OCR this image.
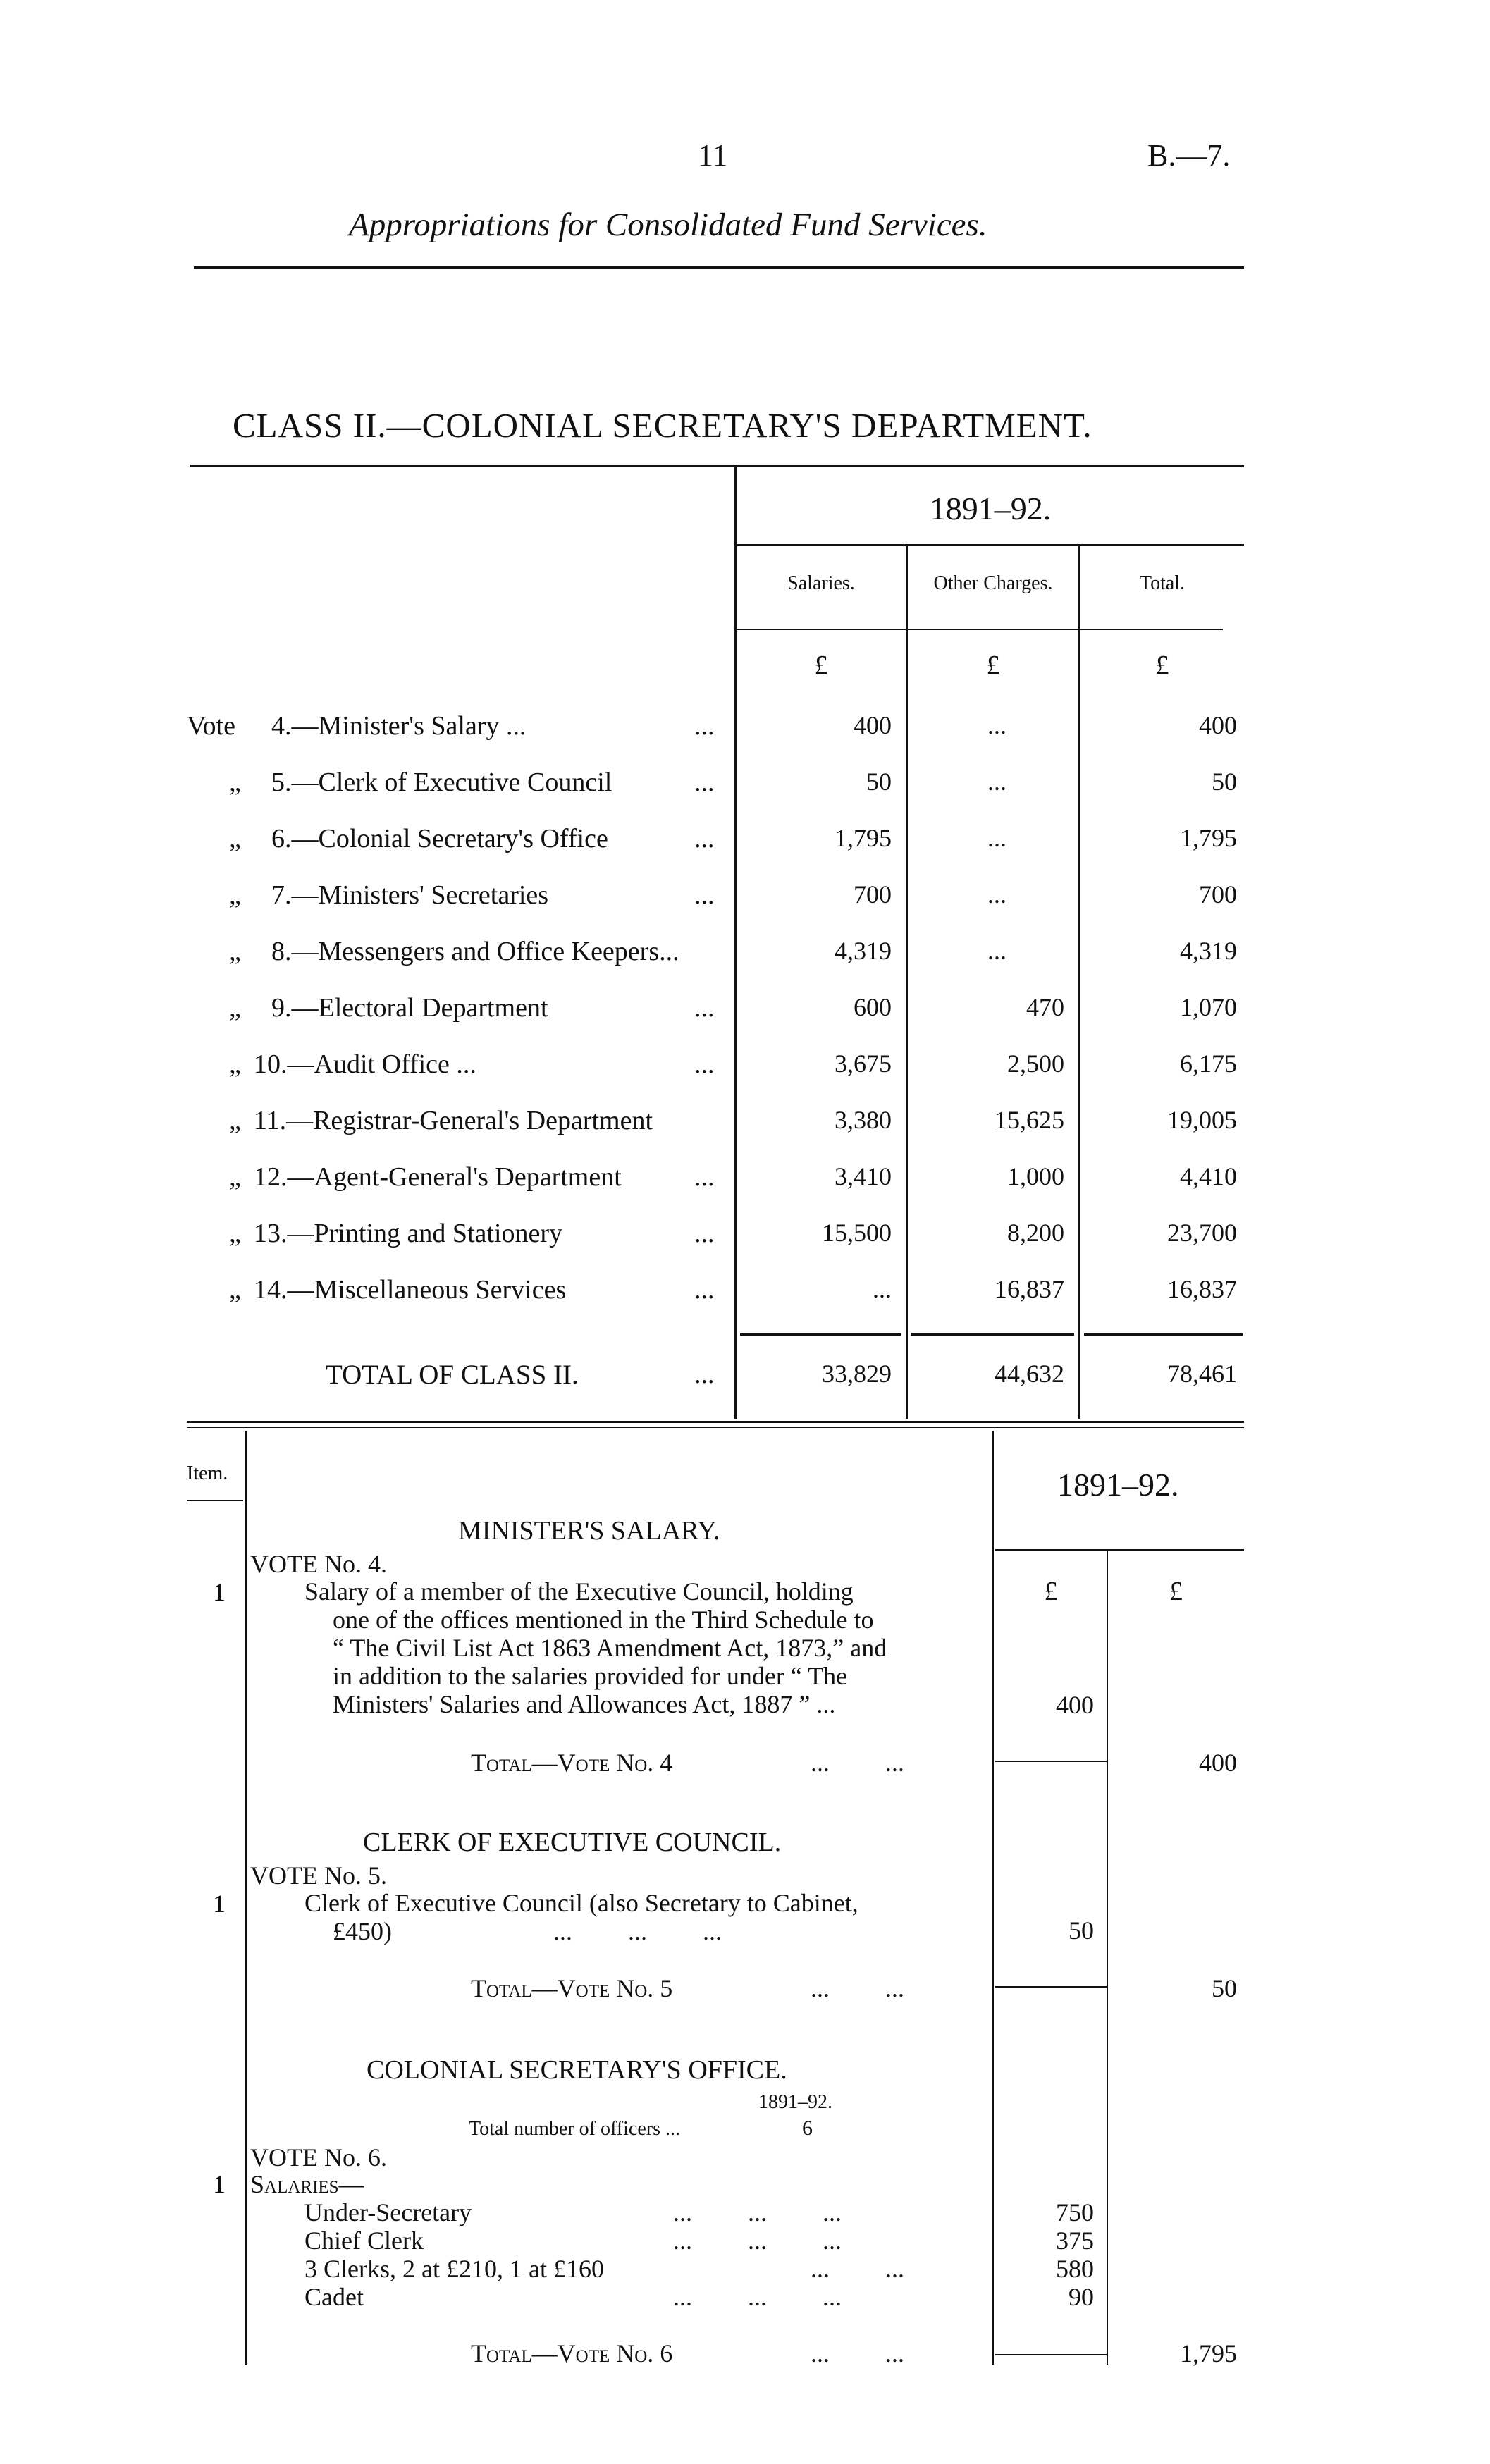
11	B.—7.
Appropriations for Consolidated Fund Services.
CLASS II.—COLONIAL SECRETARY'S DEPARTMENT.
1891–92.
Salaries.	Other Charges.	Total.
£	£	£
Vote 4.—Minister's Salary ...	...	400	...	400
„ 5.—Clerk of Executive Council	...	50	...	50
„ 6.—Colonial Secretary's Office	...	1,795	...	1,795
„ 7.—Ministers' Secretaries	...	700	...	700
„ 8.—Messengers and Office Keepers...	4,319	...	4,319
„ 9.—Electoral Department	...	600	470	1,070
„ 10.—Audit Office ...	...	3,675	2,500	6,175
„ 11.—Registrar-General's Department	3,380	15,625	19,005
„ 12.—Agent-General's Department	...	3,410	1,000	4,410
„ 13.—Printing and Stationery	...	15,500	8,200	23,700
„ 14.—Miscellaneous Services	...	...	16,837	16,837
TOTAL OF CLASS II.	...	33,829	44,632	78,461
Item.	1891–92.
MINISTER'S SALARY.
VOTE No. 4.
1	Salary of a member of the Executive Council, holding
one of the offices mentioned in the Third Schedule to
“ The Civil List Act 1863 Amendment Act, 1873,” and
in addition to the salaries provided for under “ The
Ministers' Salaries and Allowances Act, 1887 ” ...
£	£
400
Total—Vote No. 4	... ...	400
CLERK OF EXECUTIVE COUNCIL.
VOTE No. 5.
1	Clerk of Executive Council (also Secretary to Cabinet,
£450)	... ... ...	50
Total—Vote No. 5	... ...	50
COLONIAL SECRETARY'S OFFICE.
1891–92.
Total number of officers ...	6
VOTE No. 6.
1 Salaries—
Under-Secretary	... ... ...	750
Chief Clerk	... ... ...	375
3 Clerks, 2 at £210, 1 at £160	... ...	580
Cadet	... ... ...	90
Total—Vote No. 6	... ...	1,795
